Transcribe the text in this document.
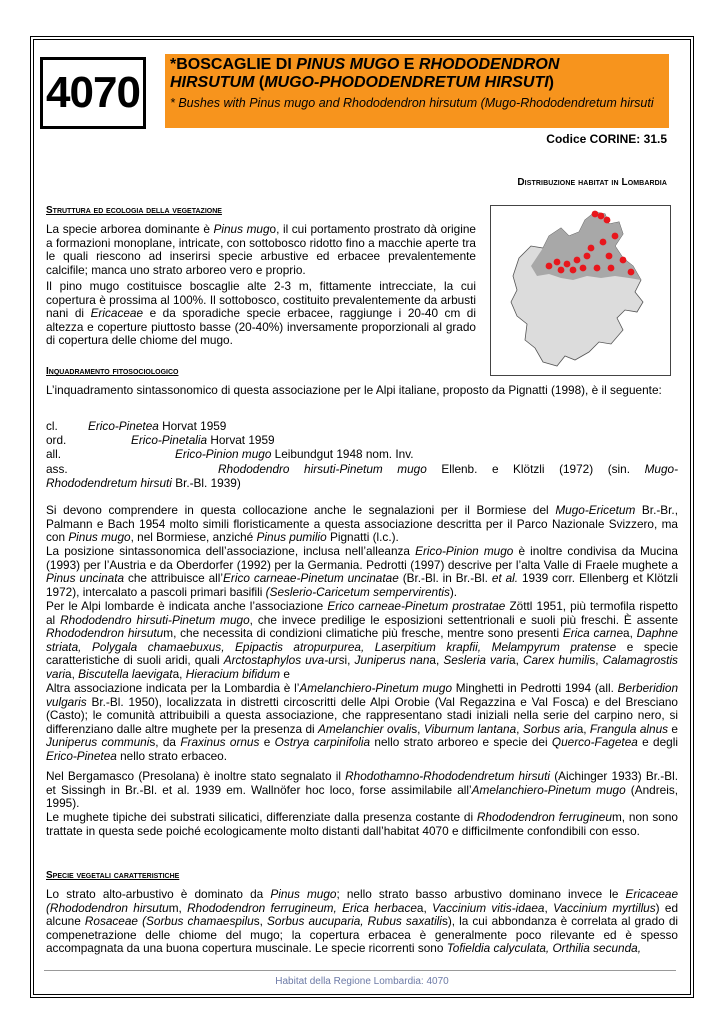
4070
*BOSCAGLIE DI PINUS MUGO E RHODODENDRON
HIRSUTUM (MUGO-PHODODENDRETUM HIRSUTI)
* Bushes with Pinus mugo and Rhododendron hirsutum (Mugo-Rhododendretum hirsuti
Codice CORINE: 31.5
Distribuzione habitat in Lombardia
Struttura ed ecologia della vegetazione
La specie arborea dominante è Pinus mugo, il cui portamento prostrato dà origine a formazioni monoplane, intricate, con sottobosco ridotto fino a macchie aperte tra le quali riescono ad inserirsi specie arbustive ed erbacee prevalentemente calcifile; manca uno strato arboreo vero e proprio.
Il pino mugo costituisce boscaglie alte 2-3 m, fittamente intrecciate, la cui copertura è prossima al 100%. Il sottobosco, costituito prevalentemente da arbusti nani di Ericaceae e da sporadiche specie erbacee, raggiunge i 20-40 cm di altezza e coperture piuttosto basse (20-40%) inversamente proporzionali al grado di copertura delle chiome del mugo.
Inquadramento fitosociologico
L’inquadramento sintassonomico di questa associazione per le Alpi italiane, proposto da Pignatti (1998), è il seguente:
cl.	Erico-Pinetea Horvat 1959
ord.	Erico-Pinetalia Horvat 1959
all.	Erico-Pinion mugo Leibundgut 1948 nom. Inv.
ass.	Rhododendro hirsuti-Pinetum mugo Ellenb. e Klötzli (1972) (sin. Mugo-
Rhododendretum hirsuti Br.-Bl. 1939)
Si devono comprendere in questa collocazione anche le segnalazioni per il Bormiese del Mugo-Ericetum Br.-Br., Palmann e Bach 1954 molto simili floristicamente a questa associazione descritta per il Parco Nazionale Svizzero, ma con Pinus mugo, nel Bormiese, anziché Pinus pumilio Pignatti (l.c.).
La posizione sintassonomica dell’associazione, inclusa nell’alleanza Erico-Pinion mugo è inoltre condivisa da Mucina (1993) per l’Austria e da Oberdorfer (1992) per la Germania. Pedrotti (1997) descrive per l’alta Valle di Fraele mughete a Pinus uncinata che attribuisce all’Erico carneae-Pinetum uncinatae (Br.-Bl. in Br.-Bl. et al. 1939 corr. Ellenberg et Klötzli 1972), intercalato a pascoli primari basifili (Seslerio-Caricetum sempervirentis).
Per le Alpi lombarde è indicata anche l’associazione Erico carneae-Pinetum prostratae Zöttl 1951, più termofila rispetto al Rhododendro hirsuti-Pinetum mugo, che invece predilige le esposizioni settentrionali e suoli più freschi. È assente Rhododendron hirsutum, che necessita di condizioni climatiche più fresche, mentre sono presenti Erica carnea, Daphne striata, Polygala chamaebuxus, Epipactis atropurpurea, Laserpitium krapfii, Melampyrum pratense e specie caratteristiche di suoli aridi, quali Arctostaphylos uva-ursi, Juniperus nana, Sesleria varia, Carex humilis, Calamagrostis varia, Biscutella laevigata, Hieracium bifidum e
Altra associazione indicata per la Lombardia è l’Amelanchiero-Pinetum mugo Minghetti in Pedrotti 1994 (all. Berberidion vulgaris Br.-Bl. 1950), localizzata in distretti circoscritti delle Alpi Orobie (Val Regazzina e Val Fosca) e del Bresciano (Casto); le comunità attribuibili a questa associazione, che rappresentano stadi iniziali nella serie del carpino nero, si differenziano dalle altre mughete per la presenza di Amelanchier ovalis, Viburnum lantana, Sorbus aria, Frangula alnus e Juniperus communis, da Fraxinus ornus e Ostrya carpinifolia nello strato arboreo e specie dei Querco-Fagetea e degli Erico-Pinetea nello strato erbaceo.
Nel Bergamasco (Presolana) è inoltre stato segnalato il Rhodothamno-Rhododendretum hirsuti (Aichinger 1933) Br.-Bl. et Sissingh in Br.-Bl. et al. 1939 em. Wallnöfer hoc loco, forse assimilabile all’Amelanchiero-Pinetum mugo (Andreis, 1995).
Le mughete tipiche dei substrati silicatici, differenziate dalla presenza costante di Rhododendron ferrugineum, non sono trattate in questa sede poiché ecologicamente molto distanti dall’habitat 4070 e difficilmente confondibili con esso.
Specie vegetali caratteristiche
Lo strato alto-arbustivo è dominato da Pinus mugo; nello strato basso arbustivo dominano invece le Ericaceae (Rhododendron hirsutum, Rhododendron ferrugineum, Erica herbacea, Vaccinium vitis-idaea, Vaccinium myrtillus) ed alcune Rosaceae (Sorbus chamaespilus, Sorbus aucuparia, Rubus saxatilis), la cui abbondanza è correlata al grado di compenetrazione delle chiome del mugo; la copertura erbacea è generalmente poco rilevante ed è spesso accompagnata da una buona copertura muscinale. Le specie ricorrenti sono Tofieldia calyculata, Orthilia secunda,
Habitat della Regione Lombardia: 4070
